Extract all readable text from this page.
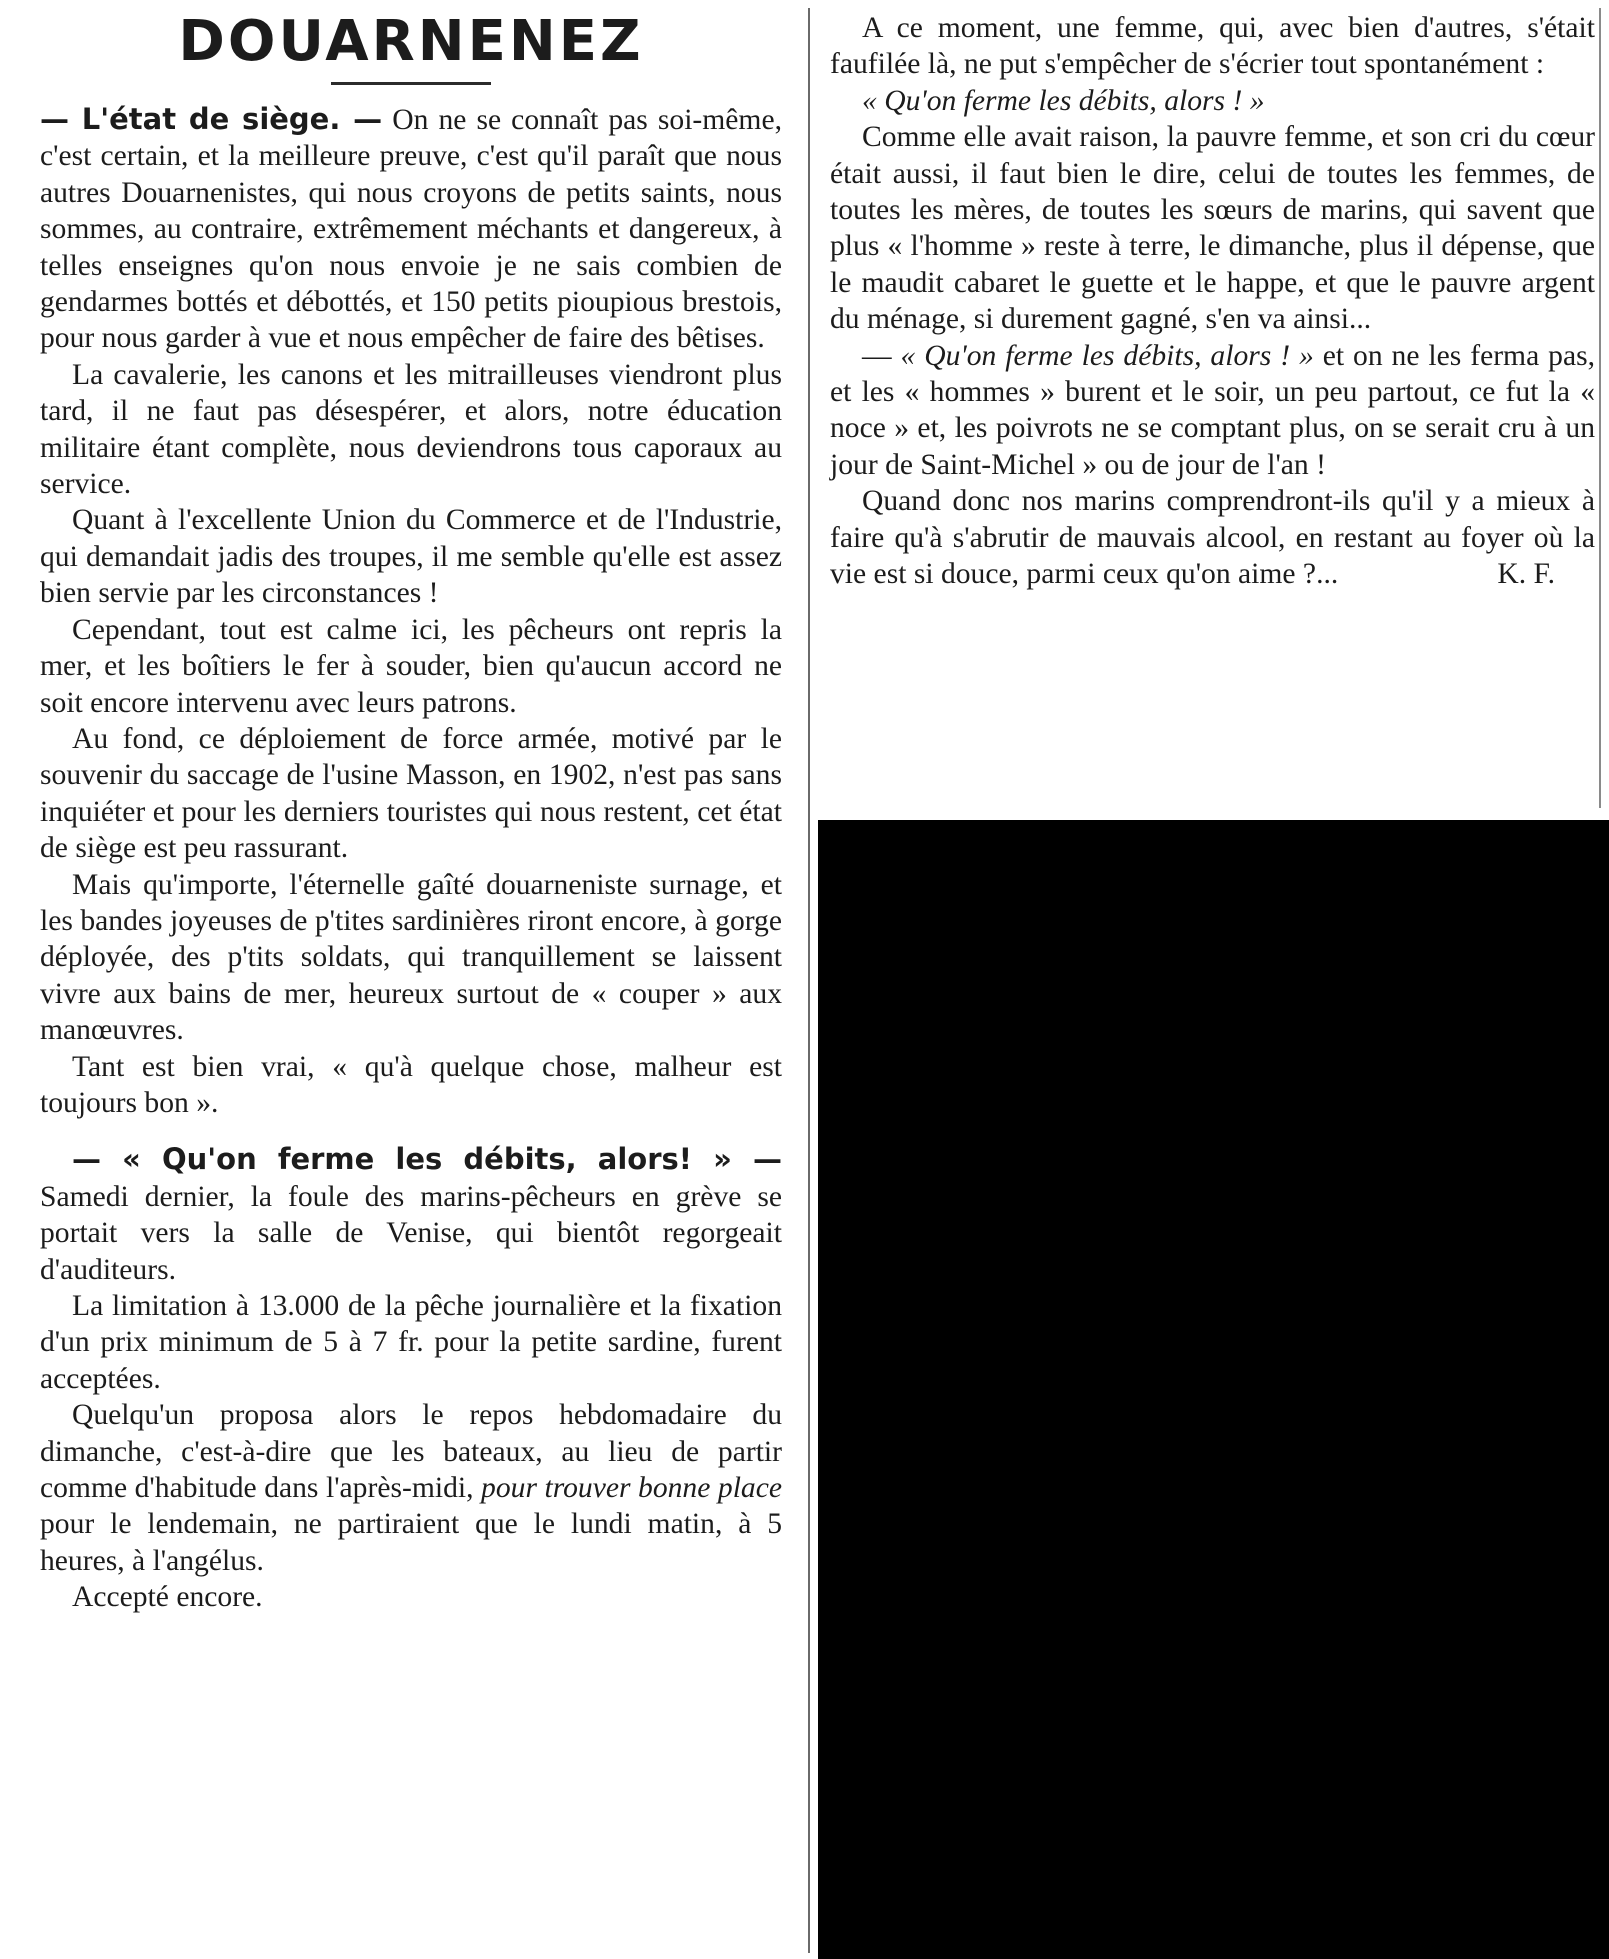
DOUARNENEZ

— L'état de siège. — On ne se connaît pas soi-même, c'est certain, et la meilleure preuve, c'est qu'il paraît que nous autres Douarnenistes, qui nous croyons de petits saints, nous sommes, au contraire, extrêmement méchants et dangereux, à telles enseignes qu'on nous envoie je ne sais combien de gendarmes bottés et débottés, et 150 petits pioupious brestois, pour nous garder à vue et nous empêcher de faire des bêtises.

La cavalerie, les canons et les mitrailleuses viendront plus tard, il ne faut pas désespérer, et alors, notre éducation militaire étant complète, nous deviendrons tous caporaux au service.

Quant à l'excellente Union du Commerce et de l'Industrie, qui demandait jadis des troupes, il me semble qu'elle est assez bien servie par les circonstances !

Cependant, tout est calme ici, les pêcheurs ont repris la mer, et les boîtiers le fer à souder, bien qu'aucun accord ne soit encore intervenu avec leurs patrons.

Au fond, ce déploiement de force armée, motivé par le souvenir du saccage de l'usine Masson, en 1902, n'est pas sans inquiéter et pour les derniers touristes qui nous restent, cet état de siège est peu rassurant.

Mais qu'importe, l'éternelle gaîté douarneniste surnage, et les bandes joyeuses de p'tites sardinières riront encore, à gorge déployée, des p'tits soldats, qui tranquillement se laissent vivre aux bains de mer, heureux surtout de « couper » aux manœuvres.

Tant est bien vrai, « qu'à quelque chose, malheur est toujours bon ».

— « Qu'on ferme les débits, alors! » — Samedi dernier, la foule des marins-pêcheurs en grève se portait vers la salle de Venise, qui bientôt regorgeait d'auditeurs.

La limitation à 13.000 de la pêche journalière et la fixation d'un prix minimum de 5 à 7 fr. pour la petite sardine, furent acceptées.

Quelqu'un proposa alors le repos hebdomadaire du dimanche, c'est-à-dire que les bateaux, au lieu de partir comme d'habitude dans l'après-midi, pour trouver bonne place pour le lendemain, ne partiraient que le lundi matin, à 5 heures, à l'angélus.

Accepté encore.

A ce moment, une femme, qui, avec bien d'autres, s'était faufilée là, ne put s'empêcher de s'écrier tout spontanément :

« Qu'on ferme les débits, alors ! »

Comme elle avait raison, la pauvre femme, et son cri du cœur était aussi, il faut bien le dire, celui de toutes les femmes, de toutes les mères, de toutes les sœurs de marins, qui savent que plus « l'homme » reste à terre, le dimanche, plus il dépense, que le maudit cabaret le guette et le happe, et que le pauvre argent du ménage, si durement gagné, s'en va ainsi...

— « Qu'on ferme les débits, alors ! » et on ne les ferma pas, et les « hommes » burent et le soir, un peu partout, ce fut la « noce » et, les poivrots ne se comptant plus, on se serait cru à un jour de Saint-Michel » ou de jour de l'an !

Quand donc nos marins comprendront-ils qu'il y a mieux à faire qu'à s'abrutir de mauvais alcool, en restant au foyer où la vie est si douce, parmi ceux qu'on aime ?...	K. F.
